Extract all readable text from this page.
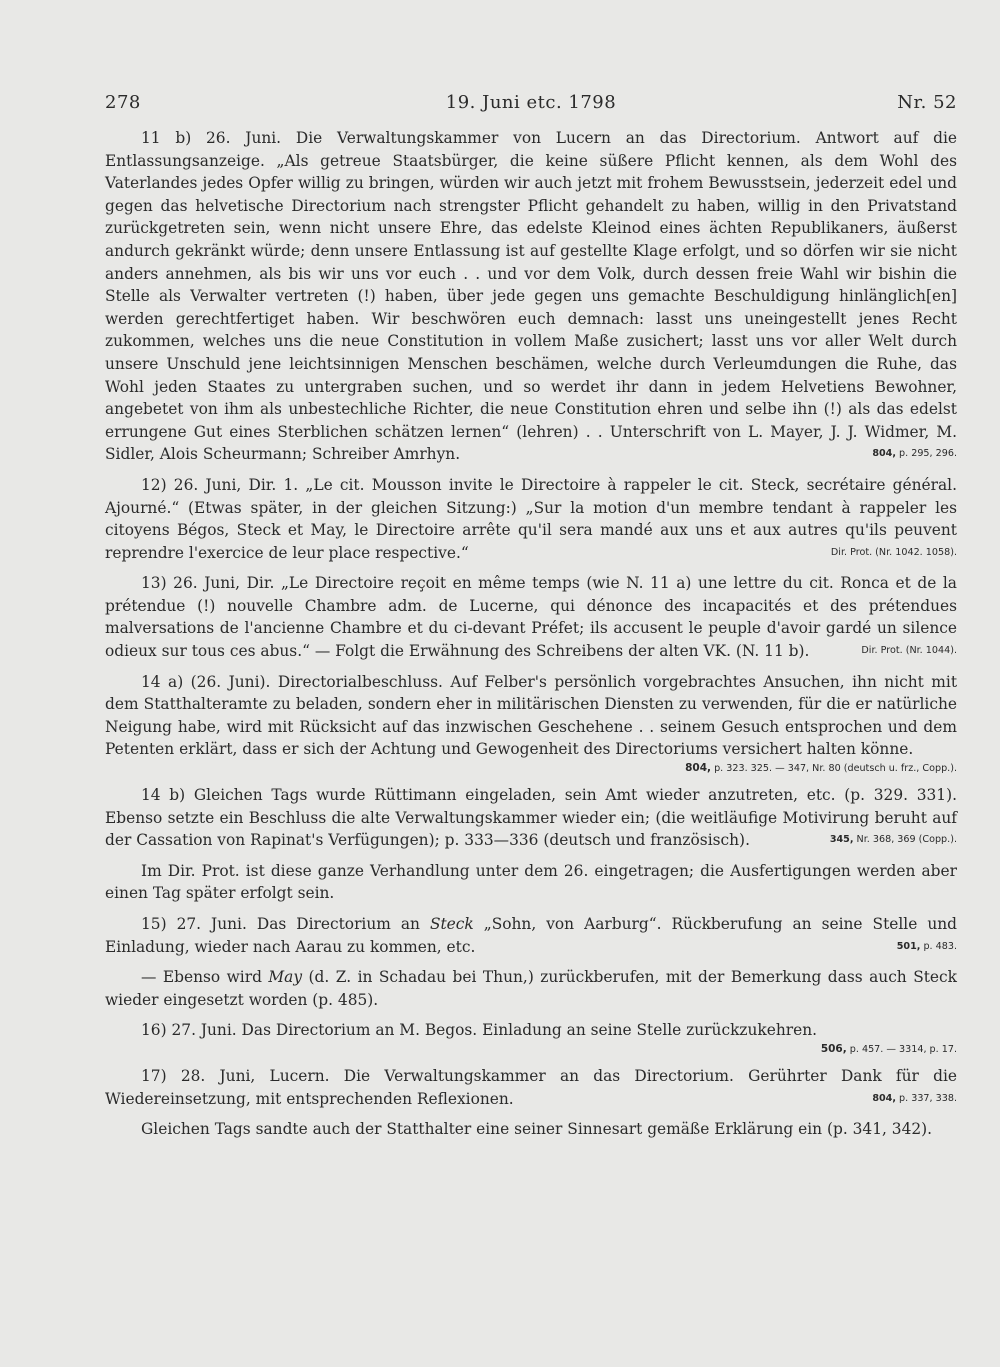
278	19. Juni etc. 1798	Nr. 52

11 b) 26. Juni. Die Verwaltungskammer von Lucern an das Directorium. Antwort auf die Entlassungsanzeige. „Als getreue Staatsbürger, die keine süßere Pflicht kennen, als dem Wohl des Vaterlandes jedes Opfer willig zu bringen, würden wir auch jetzt mit frohem Bewusstsein, jederzeit edel und gegen das helvetische Directorium nach strengster Pflicht gehandelt zu haben, willig in den Privatstand zurückgetreten sein, wenn nicht unsere Ehre, das edelste Kleinod eines ächten Republikaners, äußerst andurch gekränkt würde; denn unsere Entlassung ist auf gestellte Klage erfolgt, und so dörfen wir sie nicht anders annehmen, als bis wir uns vor euch . . und vor dem Volk, durch dessen freie Wahl wir bishin die Stelle als Verwalter vertreten (!) haben, über jede gegen uns gemachte Beschuldigung hinlänglich[en] werden gerechtfertiget haben. Wir beschwören euch demnach: lasst uns uneingestellt jenes Recht zukommen, welches uns die neue Constitution in vollem Maße zusichert; lasst uns vor aller Welt durch unsere Unschuld jene leichtsinnigen Menschen beschämen, welche durch Verleumdungen die Ruhe, das Wohl jeden Staates zu untergraben suchen, und so werdet ihr dann in jedem Helvetiens Bewohner, angebetet von ihm als unbestechliche Richter, die neue Constitution ehren und selbe ihn (!) als das edelst errungene Gut eines Sterblichen schätzen lernen“ (lehren) . . Unterschrift von L. Mayer, J. J. Widmer, M. Sidler, Alois Scheurmann; Schreiber Amrhyn.	804, p. 295, 296.

12) 26. Juni, Dir. 1. „Le cit. Mousson invite le Directoire à rappeler le cit. Steck, secrétaire général. Ajourné.“ (Etwas später, in der gleichen Sitzung:) „Sur la motion d'un membre tendant à rappeler les citoyens Bégos, Steck et May, le Directoire arrête qu'il sera mandé aux uns et aux autres qu'ils peuvent reprendre l'exercice de leur place respective.“	Dir. Prot. (Nr. 1042. 1058).

13) 26. Juni, Dir. „Le Directoire reçoit en même temps (wie N. 11 a) une lettre du cit. Ronca et de la prétendue (!) nouvelle Chambre adm. de Lucerne, qui dénonce des incapacités et des prétendues malversations de l'ancienne Chambre et du ci-devant Préfet; ils accusent le peuple d'avoir gardé un silence odieux sur tous ces abus.“ — Folgt die Erwähnung des Schreibens der alten VK. (N. 11 b).	Dir. Prot. (Nr. 1044).

14 a) (26. Juni). Directorialbeschluss. Auf Felber's persönlich vorgebrachtes Ansuchen, ihn nicht mit dem Statthalteramte zu beladen, sondern eher in militärischen Diensten zu verwenden, für die er natürliche Neigung habe, wird mit Rücksicht auf das inzwischen Geschehene . . seinem Gesuch entsprochen und dem Petenten erklärt, dass er sich der Achtung und Gewogenheit des Directoriums versichert halten könne.
804, p. 323. 325. — 347, Nr. 80 (deutsch u. frz., Copp.).

14 b) Gleichen Tags wurde Rüttimann eingeladen, sein Amt wieder anzutreten, etc. (p. 329. 331). Ebenso setzte ein Beschluss die alte Verwaltungskammer wieder ein; (die weitläufige Motivirung beruht auf der Cassation von Rapinat's Verfügungen); p. 333—336 (deutsch und französisch).	345, Nr. 368, 369 (Copp.).

Im Dir. Prot. ist diese ganze Verhandlung unter dem 26. eingetragen; die Ausfertigungen werden aber einen Tag später erfolgt sein.

15) 27. Juni. Das Directorium an Steck „Sohn, von Aarburg“. Rückberufung an seine Stelle und Einladung, wieder nach Aarau zu kommen, etc.	501, p. 483.

— Ebenso wird May (d. Z. in Schadau bei Thun,) zurückberufen, mit der Bemerkung dass auch Steck wieder eingesetzt worden (p. 485).

16) 27. Juni. Das Directorium an M. Begos. Einladung an seine Stelle zurückzukehren.
506, p. 457. — 3314, p. 17.

17) 28. Juni, Lucern. Die Verwaltungskammer an das Directorium. Gerührter Dank für die Wiedereinsetzung, mit entsprechenden Reflexionen.	804, p. 337, 338.

Gleichen Tags sandte auch der Statthalter eine seiner Sinnesart gemäße Erklärung ein (p. 341, 342).
